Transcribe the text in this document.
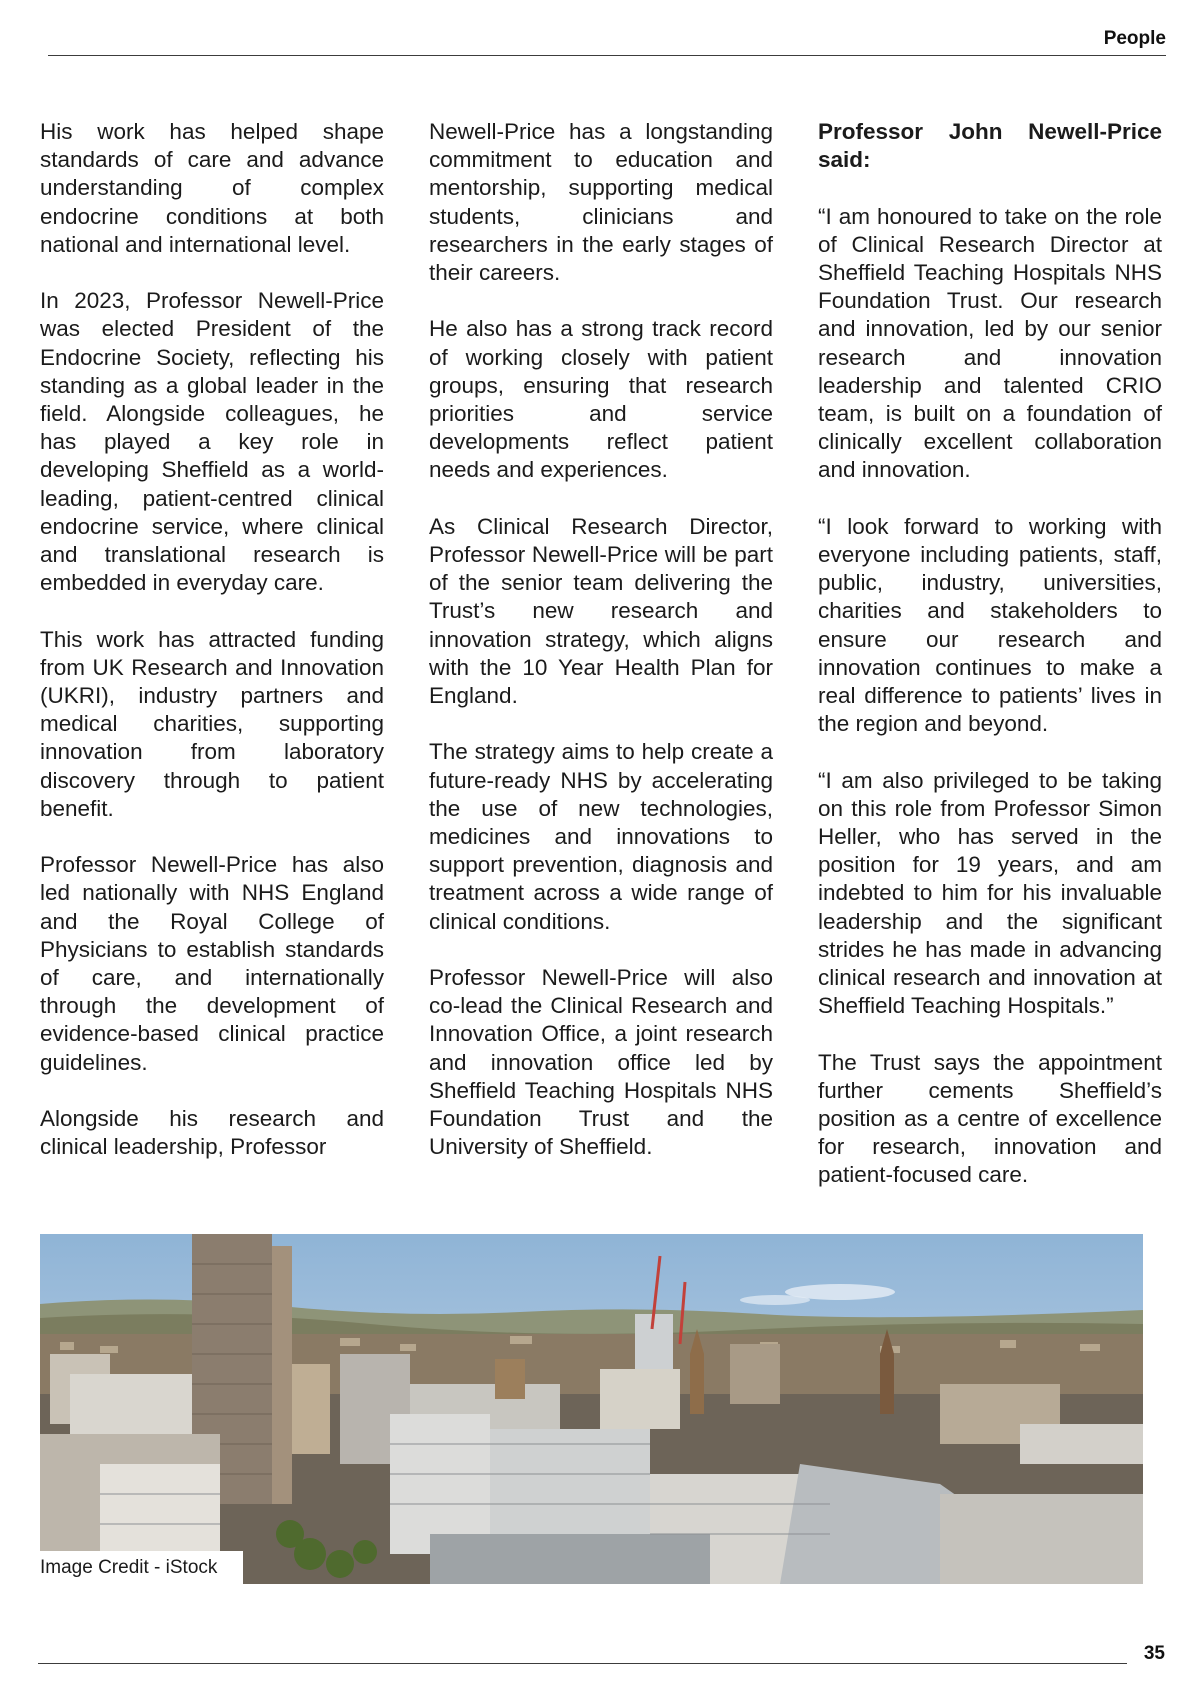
People

His work has helped shape standards of care and advance understanding of complex endocrine conditions at both national and international level.

In 2023, Professor Newell-Price was elected President of the Endocrine Society, reflecting his standing as a global leader in the field. Alongside colleagues, he has played a key role in developing Sheffield as a world-leading, patient-centred clinical endocrine service, where clinical and translational research is embedded in everyday care.

This work has attracted funding from UK Research and Innovation (UKRI), industry partners and medical charities, supporting innovation from laboratory discovery through to patient benefit.

Professor Newell-Price has also led nationally with NHS England and the Royal College of Physicians to establish standards of care, and internationally through the development of evidence-based clinical practice guidelines.

Alongside his research and clinical leadership, Professor

Newell-Price has a longstanding commitment to education and mentorship, supporting medical students, clinicians and researchers in the early stages of their careers.

He also has a strong track record of working closely with patient groups, ensuring that research priorities and service developments reflect patient needs and experiences.

As Clinical Research Director, Professor Newell-Price will be part of the senior team delivering the Trust’s new research and innovation strategy, which aligns with the 10 Year Health Plan for England.

The strategy aims to help create a future-ready NHS by accelerating the use of new technologies, medicines and innovations to support prevention, diagnosis and treatment across a wide range of clinical conditions.

Professor Newell-Price will also co-lead the Clinical Research and Innovation Office, a joint research and innovation office led by Sheffield Teaching Hospitals NHS Foundation Trust and the University of Sheffield.

Professor John Newell-Price said:

“I am honoured to take on the role of Clinical Research Director at Sheffield Teaching Hospitals NHS Foundation Trust. Our research and innovation, led by our senior research and innovation leadership and talented CRIO team, is built on a foundation of clinically excellent collaboration and innovation.

“I look forward to working with everyone including patients, staff, public, industry, universities, charities and stakeholders to ensure our research and innovation continues to make a real difference to patients’ lives in the region and beyond.

“I am also privileged to be taking on this role from Professor Simon Heller, who has served in the position for 19 years, and am indebted to him for his invaluable leadership and the significant strides he has made in advancing clinical research and innovation at Sheffield Teaching Hospitals.”

The Trust says the appointment further cements Sheffield’s position as a centre of excellence for research, innovation and patient-focused care.

Image Credit - iStock
35
